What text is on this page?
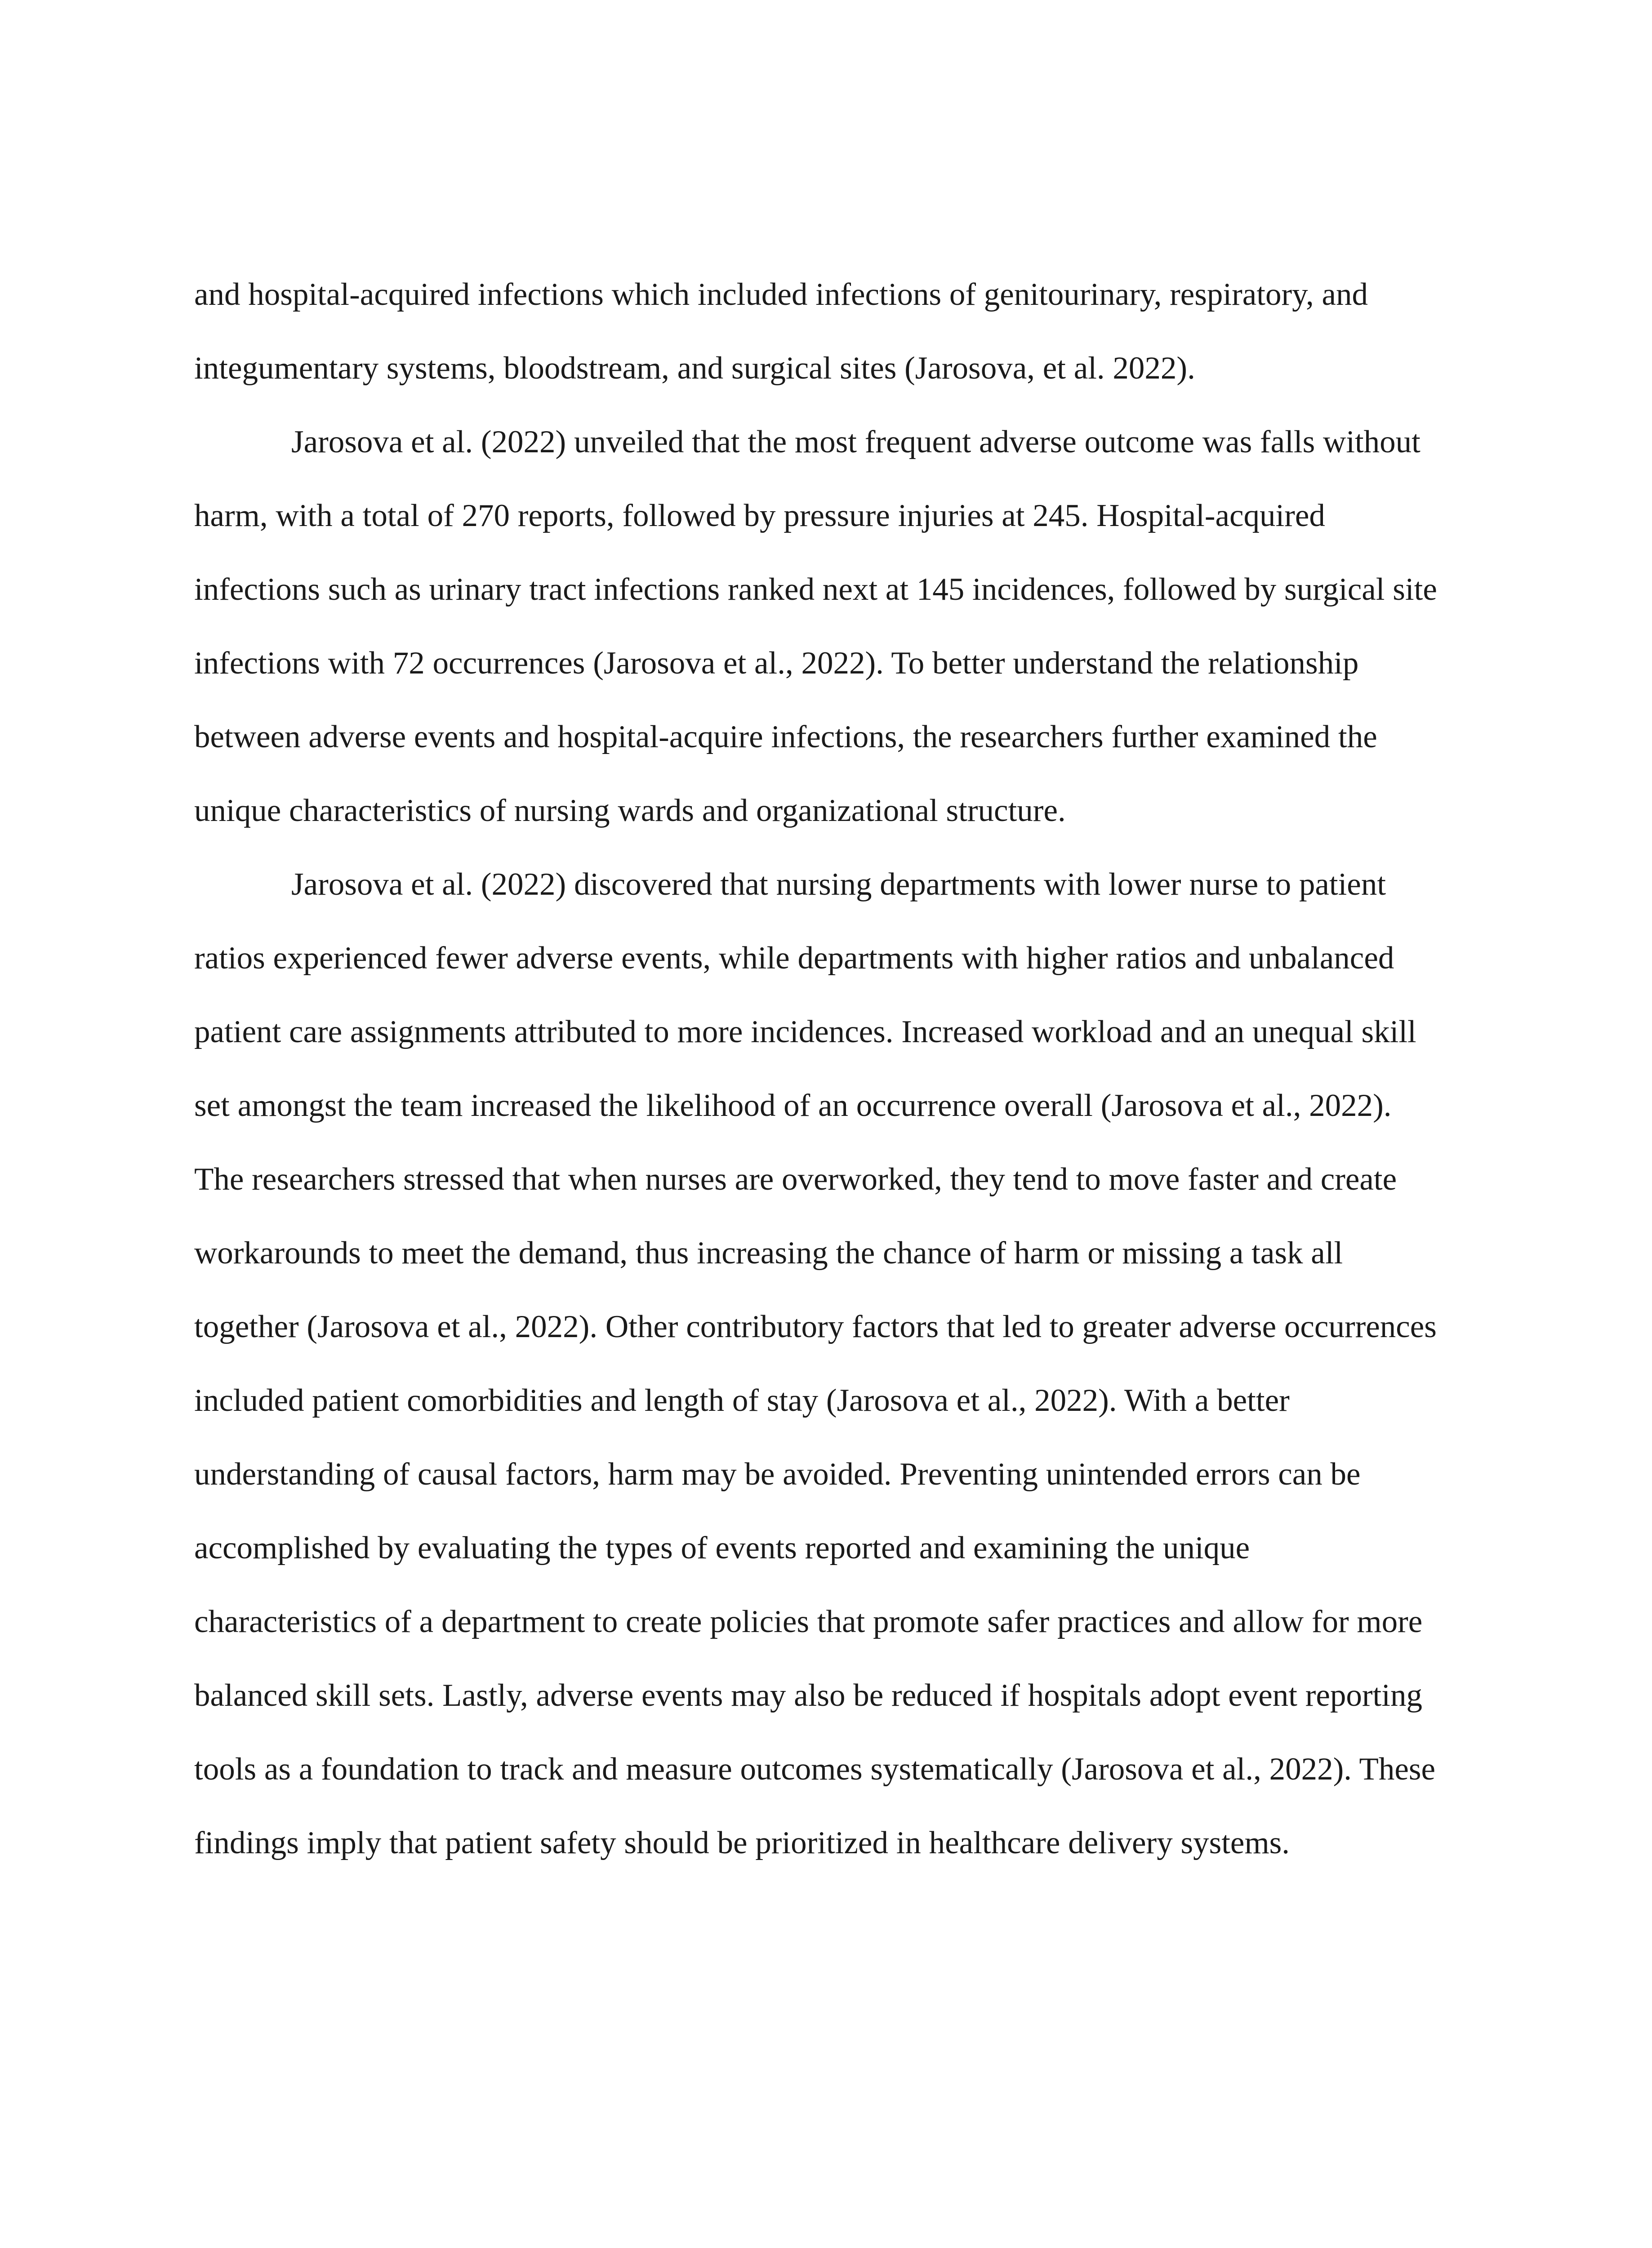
and hospital-acquired infections which included infections of genitourinary, respiratory, and
integumentary systems, bloodstream, and surgical sites (Jarosova, et al. 2022).
Jarosova et al. (2022) unveiled that the most frequent adverse outcome was falls without
harm, with a total of 270 reports, followed by pressure injuries at 245. Hospital-acquired
infections such as urinary tract infections ranked next at 145 incidences, followed by surgical site
infections with 72 occurrences (Jarosova et al., 2022). To better understand the relationship
between adverse events and hospital-acquire infections, the researchers further examined the
unique characteristics of nursing wards and organizational structure.
Jarosova et al. (2022) discovered that nursing departments with lower nurse to patient
ratios experienced fewer adverse events, while departments with higher ratios and unbalanced
patient care assignments attributed to more incidences. Increased workload and an unequal skill
set amongst the team increased the likelihood of an occurrence overall (Jarosova et al., 2022).
The researchers stressed that when nurses are overworked, they tend to move faster and create
workarounds to meet the demand, thus increasing the chance of harm or missing a task all
together (Jarosova et al., 2022). Other contributory factors that led to greater adverse occurrences
included patient comorbidities and length of stay (Jarosova et al., 2022). With a better
understanding of causal factors, harm may be avoided. Preventing unintended errors can be
accomplished by evaluating the types of events reported and examining the unique
characteristics of a department to create policies that promote safer practices and allow for more
balanced skill sets. Lastly, adverse events may also be reduced if hospitals adopt event reporting
tools as a foundation to track and measure outcomes systematically (Jarosova et al., 2022). These
findings imply that patient safety should be prioritized in healthcare delivery systems.
